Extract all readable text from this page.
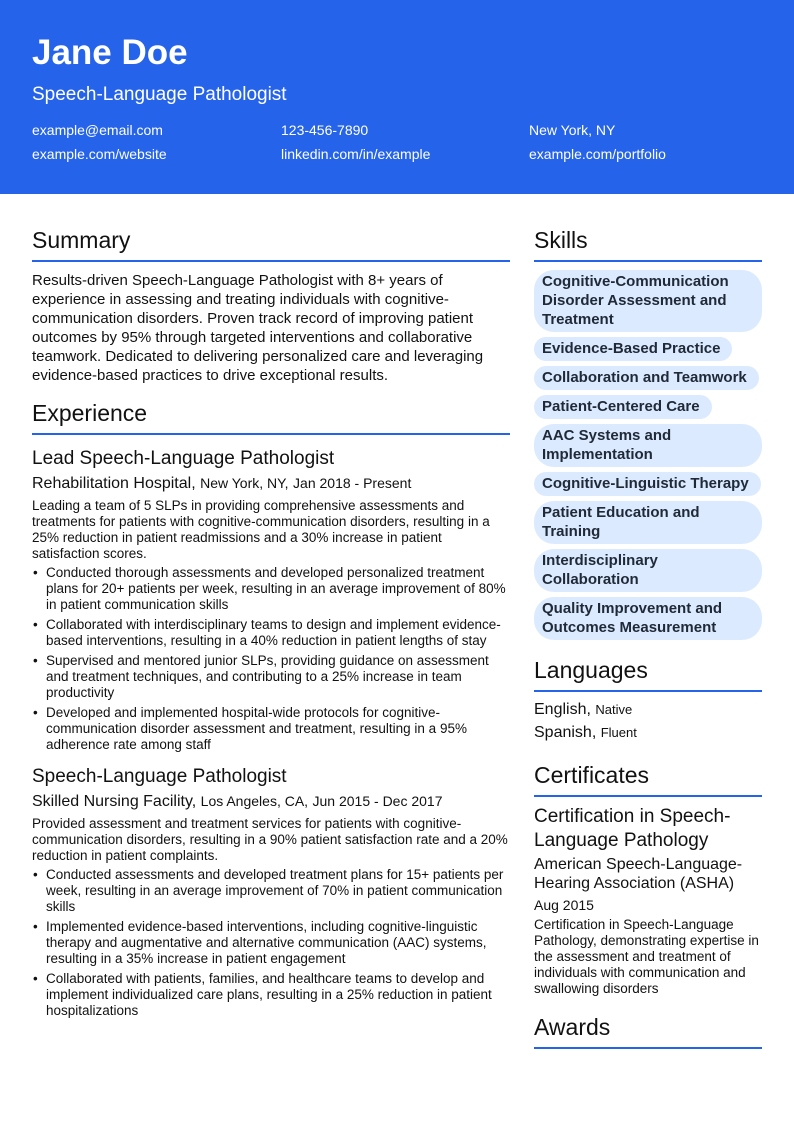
Jane Doe
Speech-Language Pathologist
example@email.com	123-456-7890	New York, NY
example.com/website	linkedin.com/in/example	example.com/portfolio
Summary
Results-driven Speech-Language Pathologist with 8+ years of experience in assessing and treating individuals with cognitive-communication disorders. Proven track record of improving patient outcomes by 95% through targeted interventions and collaborative teamwork. Dedicated to delivering personalized care and leveraging evidence-based practices to drive exceptional results.
Experience
Lead Speech-Language Pathologist
Rehabilitation Hospital, New York, NY, Jan 2018 - Present
Leading a team of 5 SLPs in providing comprehensive assessments and treatments for patients with cognitive-communication disorders, resulting in a 25% reduction in patient readmissions and a 30% increase in patient satisfaction scores.
• Conducted thorough assessments and developed personalized treatment plans for 20+ patients per week, resulting in an average improvement of 80% in patient communication skills
• Collaborated with interdisciplinary teams to design and implement evidence-based interventions, resulting in a 40% reduction in patient lengths of stay
• Supervised and mentored junior SLPs, providing guidance on assessment and treatment techniques, and contributing to a 25% increase in team productivity
• Developed and implemented hospital-wide protocols for cognitive-communication disorder assessment and treatment, resulting in a 95% adherence rate among staff
Speech-Language Pathologist
Skilled Nursing Facility, Los Angeles, CA, Jun 2015 - Dec 2017
Provided assessment and treatment services for patients with cognitive-communication disorders, resulting in a 90% patient satisfaction rate and a 20% reduction in patient complaints.
• Conducted assessments and developed treatment plans for 15+ patients per week, resulting in an average improvement of 70% in patient communication skills
• Implemented evidence-based interventions, including cognitive-linguistic therapy and augmentative and alternative communication (AAC) systems, resulting in a 35% increase in patient engagement
• Collaborated with patients, families, and healthcare teams to develop and implement individualized care plans, resulting in a 25% reduction in patient hospitalizations
Skills
Cognitive-Communication Disorder Assessment and Treatment
Evidence-Based Practice
Collaboration and Teamwork
Patient-Centered Care
AAC Systems and Implementation
Cognitive-Linguistic Therapy
Patient Education and Training
Interdisciplinary Collaboration
Quality Improvement and Outcomes Measurement
Languages
English, Native
Spanish, Fluent
Certificates
Certification in Speech-Language Pathology
American Speech-Language-Hearing Association (ASHA)
Aug 2015
Certification in Speech-Language Pathology, demonstrating expertise in the assessment and treatment of individuals with communication and swallowing disorders
Awards
